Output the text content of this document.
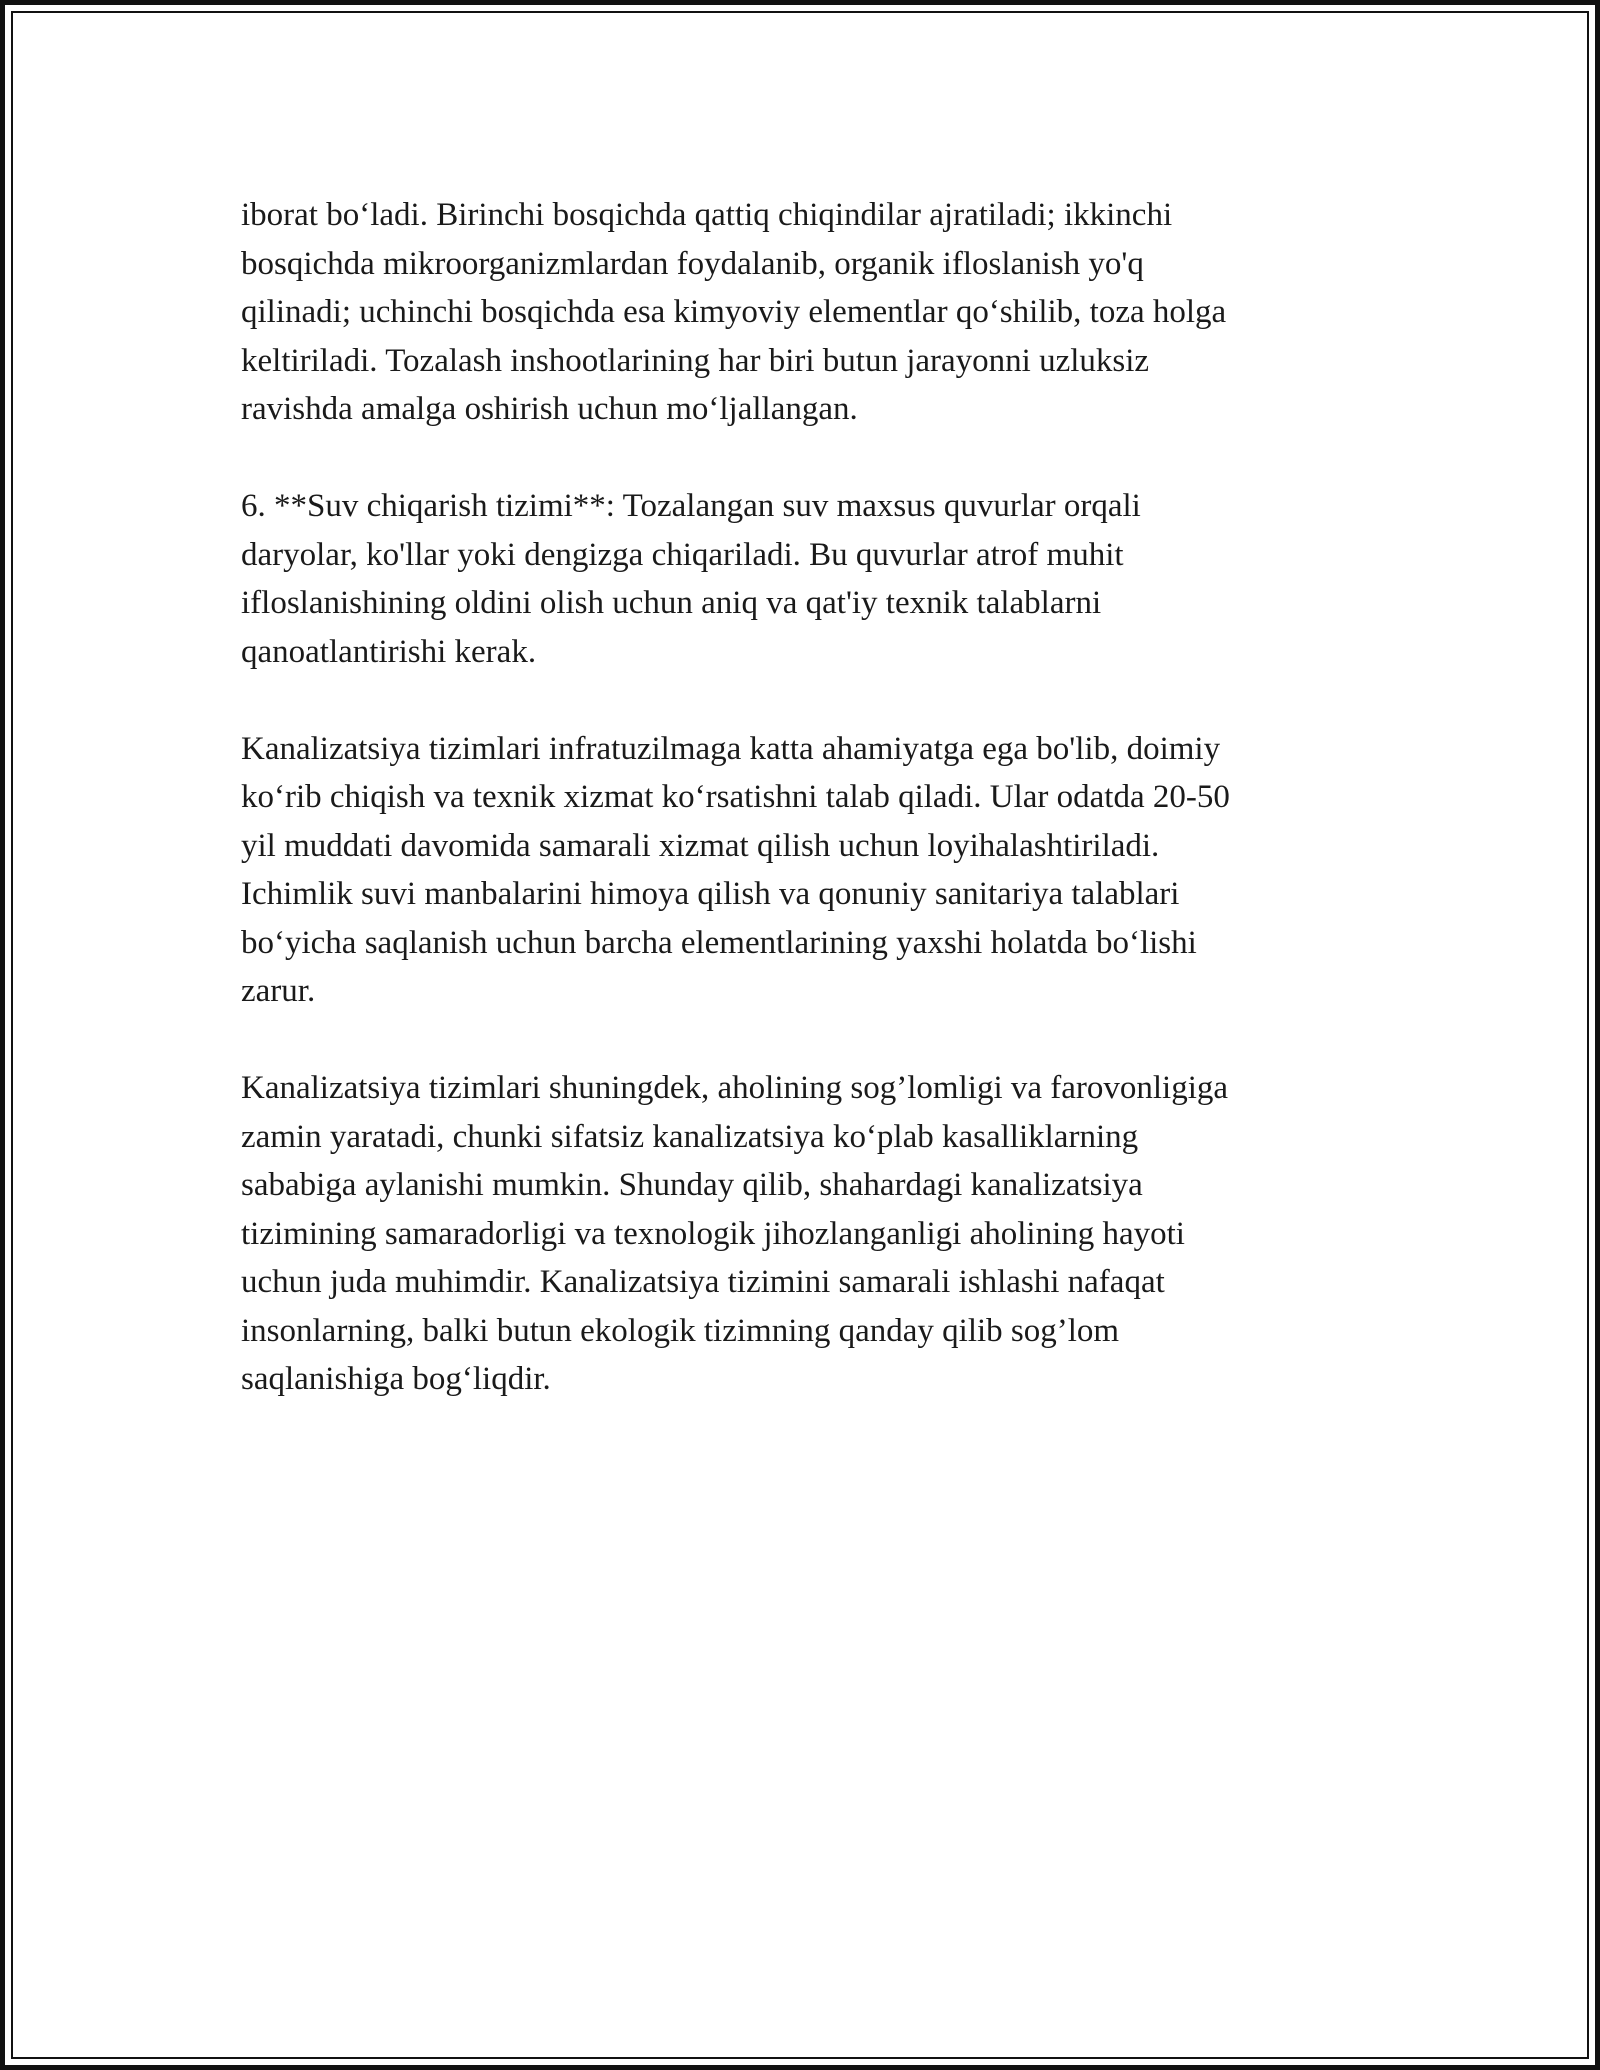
iborat bo‘ladi. Birinchi bosqichda qattiq chiqindilar ajratiladi; ikkinchi
bosqichda mikroorganizmlardan foydalanib, organik ifloslanish yo'q
qilinadi; uchinchi bosqichda esa kimyoviy elementlar qo‘shilib, toza holga
keltiriladi. Tozalash inshootlarining har biri butun jarayonni uzluksiz
ravishda amalga oshirish uchun mo‘ljallangan.

6. **Suv chiqarish tizimi**: Tozalangan suv maxsus quvurlar orqali
daryolar, ko'llar yoki dengizga chiqariladi. Bu quvurlar atrof muhit
ifloslanishining oldini olish uchun aniq va qat'iy texnik talablarni
qanoatlantirishi kerak.

Kanalizatsiya tizimlari infratuzilmaga katta ahamiyatga ega bo'lib, doimiy
ko‘rib chiqish va texnik xizmat ko‘rsatishni talab qiladi. Ular odatda 20-50
yil muddati davomida samarali xizmat qilish uchun loyihalashtiriladi.
Ichimlik suvi manbalarini himoya qilish va qonuniy sanitariya talablari
bo‘yicha saqlanish uchun barcha elementlarining yaxshi holatda bo‘lishi
zarur.

Kanalizatsiya tizimlari shuningdek, aholining sog’lomligi va farovonligiga
zamin yaratadi, chunki sifatsiz kanalizatsiya ko‘plab kasalliklarning
sababiga aylanishi mumkin. Shunday qilib, shahardagi kanalizatsiya
tizimining samaradorligi va texnologik jihozlanganligi aholining hayoti
uchun juda muhimdir. Kanalizatsiya tizimini samarali ishlashi nafaqat
insonlarning, balki butun ekologik tizimning qanday qilib sog’lom
saqlanishiga bog‘liqdir.
